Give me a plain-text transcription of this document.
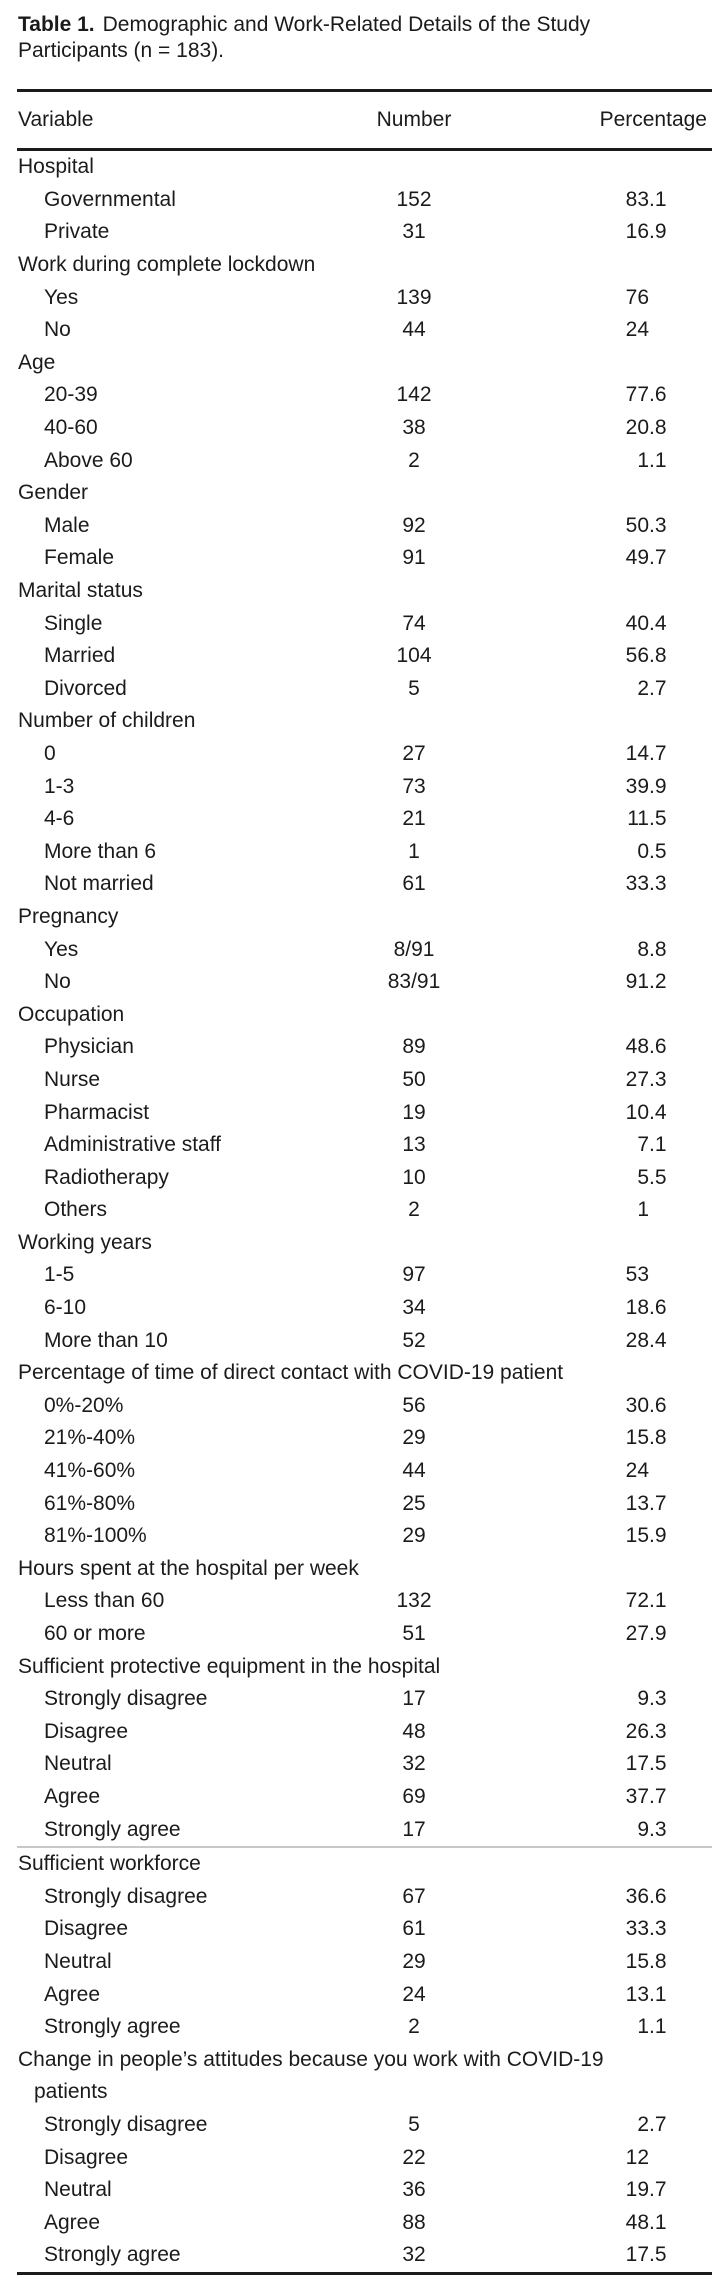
Table 1. Demographic and Work-Related Details of the Study Participants (n = 183).
Variable	Number	Percentage
Hospital
Governmental	152	83 .1
Private	31	16 .9
Work during complete lockdown
Yes	139	76
No	44	24
Age
20-39	142	77 .6
40-60	38	20 .8
Above 60	2	1 .1
Gender
Male	92	50 .3
Female	91	49 .7
Marital status
Single	74	40 .4
Married	104	56 .8
Divorced	5	2 .7
Number of children
0	27	14 .7
1-3	73	39 .9
4-6	21	11 .5
More than 6	1	0 .5
Not married	61	33 .3
Pregnancy
Yes	8/91	8 .8
No	83/91	91 .2
Occupation
Physician	89	48 .6
Nurse	50	27 .3
Pharmacist	19	10 .4
Administrative staff	13	7 .1
Radiotherapy	10	5 .5
Others	2	1
Working years
1-5	97	53
6-10	34	18 .6
More than 10	52	28 .4
Percentage of time of direct contact with COVID-19 patient
0%-20%	56	30 .6
21%-40%	29	15 .8
41%-60%	44	24
61%-80%	25	13 .7
81%-100%	29	15 .9
Hours spent at the hospital per week
Less than 60	132	72 .1
60 or more	51	27 .9
Sufficient protective equipment in the hospital
Strongly disagree	17	9 .3
Disagree	48	26 .3
Neutral	32	17 .5
Agree	69	37 .7
Strongly agree	17	9 .3
Sufficient workforce
Strongly disagree	67	36 .6
Disagree	61	33 .3
Neutral	29	15 .8
Agree	24	13 .1
Strongly agree	2	1 .1
Change in people’s attitudes because you work with COVID-19
patients
Strongly disagree	5	2 .7
Disagree	22	12
Neutral	36	19 .7
Agree	88	48 .1
Strongly agree	32	17 .5
